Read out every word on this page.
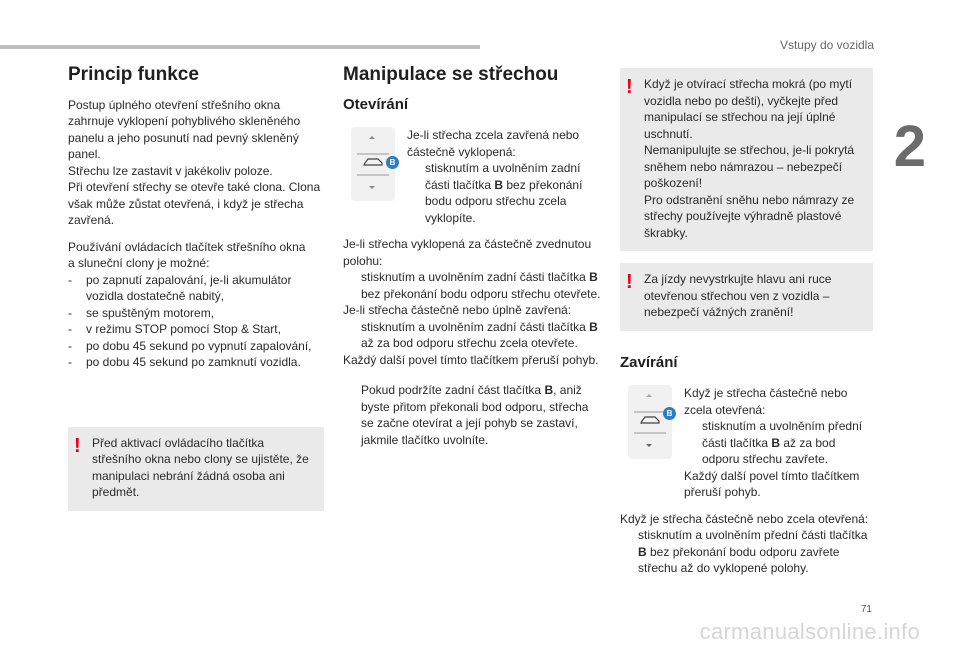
Vstupy do vozidla
2
Princip funkce

Postup úplného otevření střešního okna
zahrnuje vyklopení pohyblivého skleněného
panelu a jeho posunutí nad pevný skleněný
panel.
Střechu lze zastavit v jakékoliv poloze.
Při otevření střechy se otevře také clona. Clona
však může zůstat otevřená, i když je střecha
zavřená.

Používání ovládacích tlačítek střešního okna
a sluneční clony je možné:

-	po zapnutí zapalování, je-li akumulátor vozidla dostatečně nabitý,
-	se spuštěným motorem,
-	v režimu STOP pomocí Stop & Start,
-	po dobu 45 sekund po vypnutí zapalování,
-	po dobu 45 sekund po zamknutí vozidla.
! Před aktivací ovládacího tlačítka střešního okna nebo clony se ujistěte, že manipulaci nebrání žádná osoba ani předmět.
Manipulace se střechou
Otevírání
B

Je-li střecha zcela zavřená nebo částečně vyklopená:

stisknutím a uvolněním zadní části tlačítka B bez překonání bodu odporu střechu zcela vyklopíte.

Je-li střecha vyklopená za částečně zvednutou polohu:

stisknutím a uvolněním zadní části tlačítka B bez překonání bodu odporu střechu otevřete.

Je-li střecha částečně nebo úplně zavřená:

stisknutím a uvolněním zadní části tlačítka B až za bod odporu střechu zcela otevřete.

Každý další povel tímto tlačítkem přeruší pohyb.

Pokud podržíte zadní část tlačítka B, aniž byste přitom překonali bod odporu, střecha se začne otevírat a její pohyb se zastaví, jakmile tlačítko uvolníte.
! Když je otvírací střecha mokrá (po mytí vozidla nebo po dešti), vyčkejte před manipulací se střechou na její úplné uschnutí.
Nemanipulujte se střechou, je-li pokrytá sněhem nebo námrazou – nebezpečí poškození!
Pro odstranění sněhu nebo námrazy ze střechy používejte výhradně plastové škrabky.
! Za jízdy nevystrkujte hlavu ani ruce otevřenou střechou ven z vozidla – nebezpečí vážných zranění!
Zavírání
B

Když je střecha částečně nebo zcela otevřená:

stisknutím a uvolněním přední části tlačítka B až za bod odporu střechu zavřete.

Každý další povel tímto tlačítkem přeruší pohyb.

Když je střecha částečně nebo zcela otevřená:

stisknutím a uvolněním přední části tlačítka B bez překonání bodu odporu zavřete střechu až do vyklopené polohy.
71
carmanualsonline.info
